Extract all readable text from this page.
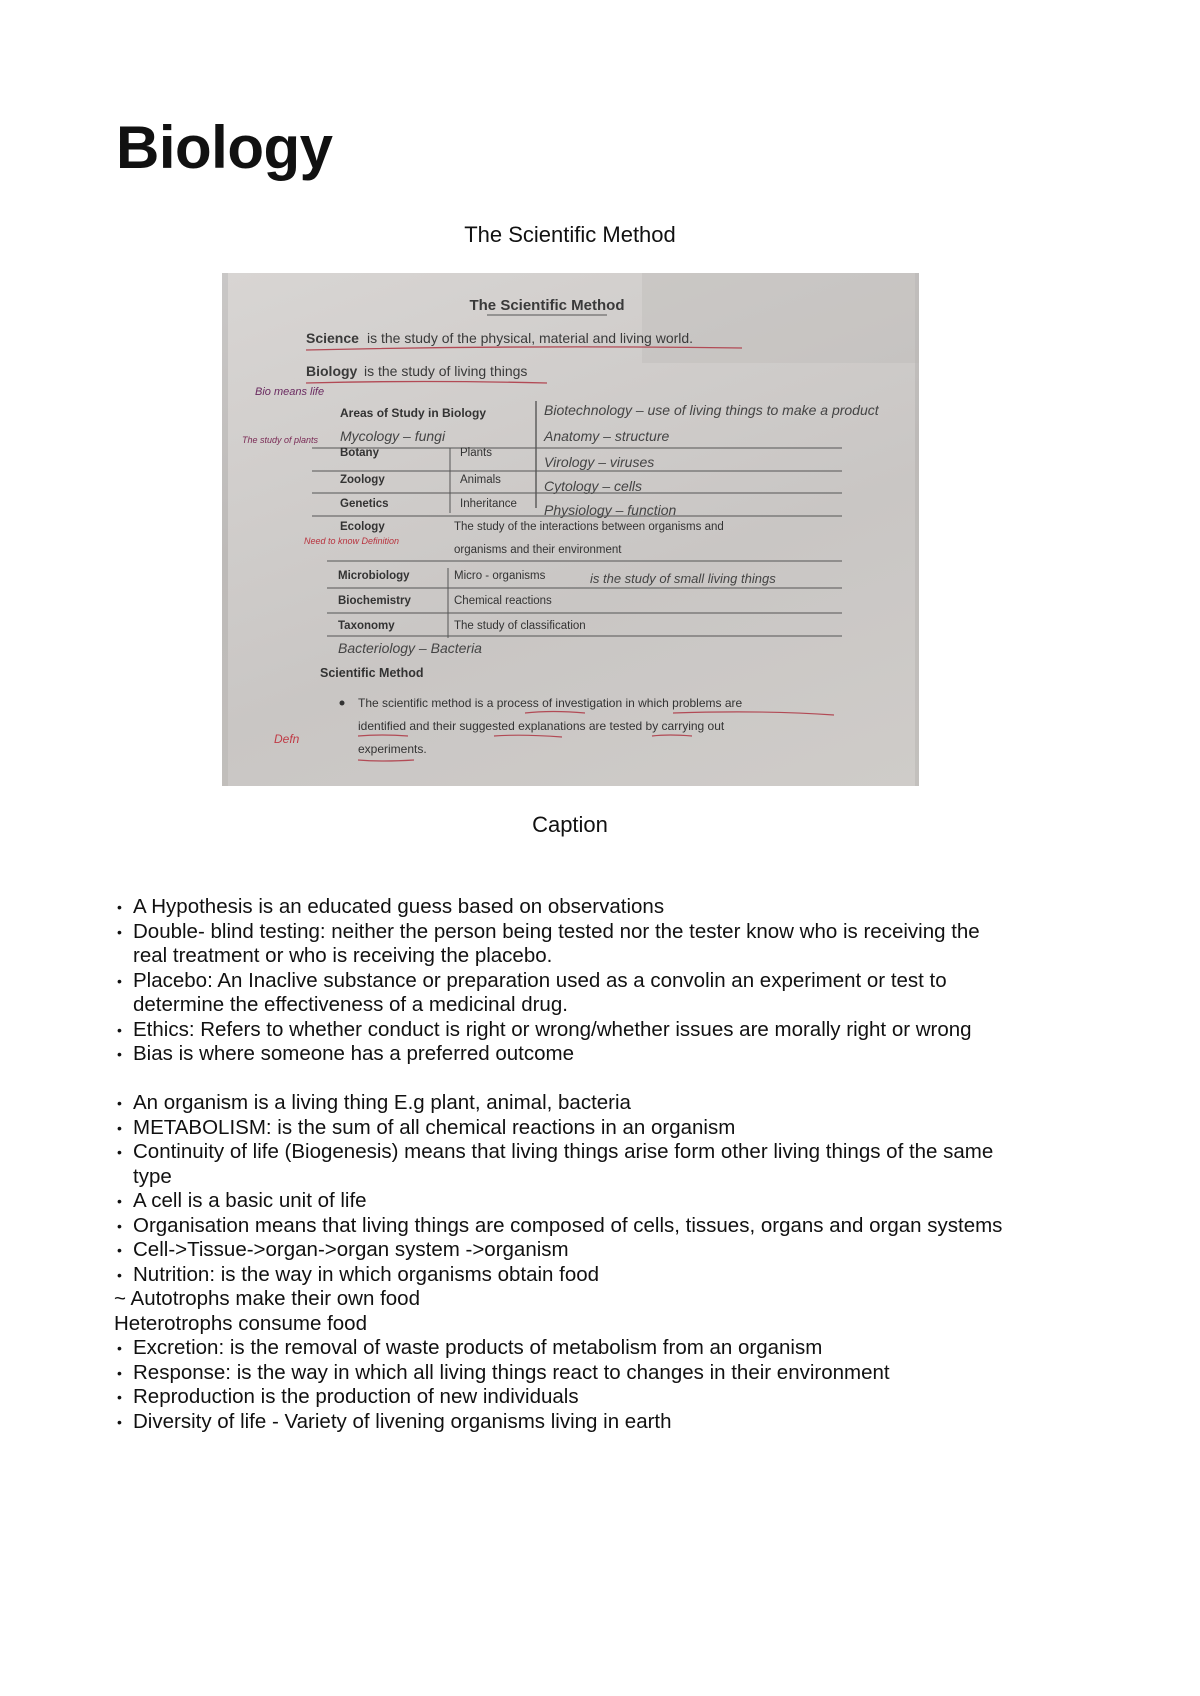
Biology
The Scientific Method
The Scientific Method
Science is the study of the physical, material and living world.
Biology is the study of living things
Bio means life
Areas of Study in Biology	Biotechnology – use of living things to make a product
Anatomy – structure
Virology – viruses
Cytology – cells
Physiology – function
Mycology – fungi
The study of plants
Botany	Plants
Zoology	Animals
Genetics	Inheritance
Ecology	The study of the interactions between organisms and
organisms and their environment
Need to know Definition
Microbiology	Micro - organisms	is the study of small living things
Biochemistry	Chemical reactions
Taxonomy	The study of classification
Bacteriology – Bacteria
Scientific Method
The scientific method is a process of investigation in which problems are
identified and their suggested explanations are tested by carrying out
experiments.
Defn
Caption
• A Hypothesis is an educated guess based on observations
• Double- blind testing: neither the person being tested nor the tester know who is receiving the
real treatment or who is receiving the placebo.
• Placebo: An Inaclive substance or preparation used as a convolin an experiment or test to
determine the effectiveness of a medicinal drug.
• Ethics: Refers to whether conduct is right or wrong/whether issues are morally right or wrong
• Bias is where someone has a preferred outcome
• An organism is a living thing E.g plant, animal, bacteria
• METABOLISM: is the sum of all chemical reactions in an organism
• Continuity of life (Biogenesis) means that living things arise form other living things of the same
type
• A cell is a basic unit of life
• Organisation means that living things are composed of cells, tissues, organs and organ systems
• Cell->Tissue->organ->organ system ->organism
• Nutrition: is the way in which organisms obtain food
~ Autotrophs make their own food
Heterotrophs consume food
• Excretion: is the removal of waste products of metabolism from an organism
• Response: is the way in which all living things react to changes in their environment
• Reproduction is the production of new individuals
• Diversity of life - Variety of livening organisms living in earth
